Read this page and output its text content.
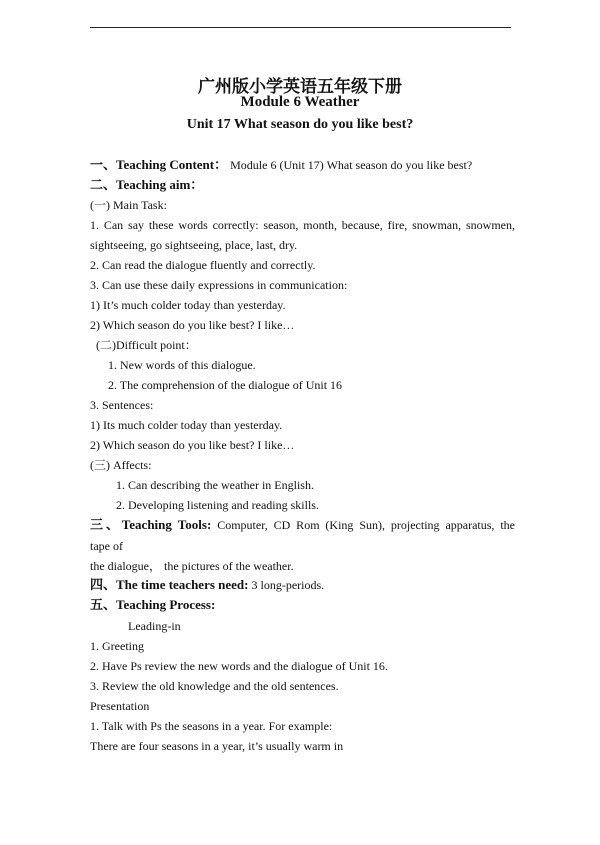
广州版小学英语五年级下册
Module 6 Weather
Unit 17 What season do you like best?
一、Teaching Content： Module 6 (Unit 17) What season do you like best?
二、Teaching aim：
(一) Main Task:
1. Can say these words correctly: season, month, because, fire, snowman, snowmen,
sightseeing, go sightseeing, place, last, dry.
2. Can read the dialogue fluently and correctly.
3. Can use these daily expressions in communication:
1) It’s much colder today than yesterday.
2) Which season do you like best? I like…
(二)Difficult point：
1. New words of this dialogue.
2. The comprehension of the dialogue of Unit 16
3. Sentences:
1) Its much colder today than yesterday.
2) Which season do you like best? I like…
(三) Affects:
1. Can describing the weather in English.
2. Developing listening and reading skills.
三、Teaching Tools: Computer, CD Rom (King Sun), projecting apparatus, the
tape of
the dialogue， the pictures of the weather.
四、The time teachers need: 3 long-periods.
五、Teaching Process:
Leading-in
1. Greeting
2. Have Ps review the new words and the dialogue of Unit 16.
3. Review the old knowledge and the old sentences.
Presentation
1. Talk with Ps the seasons in a year. For example:
There are four seasons in a year, it’s usually warm in
